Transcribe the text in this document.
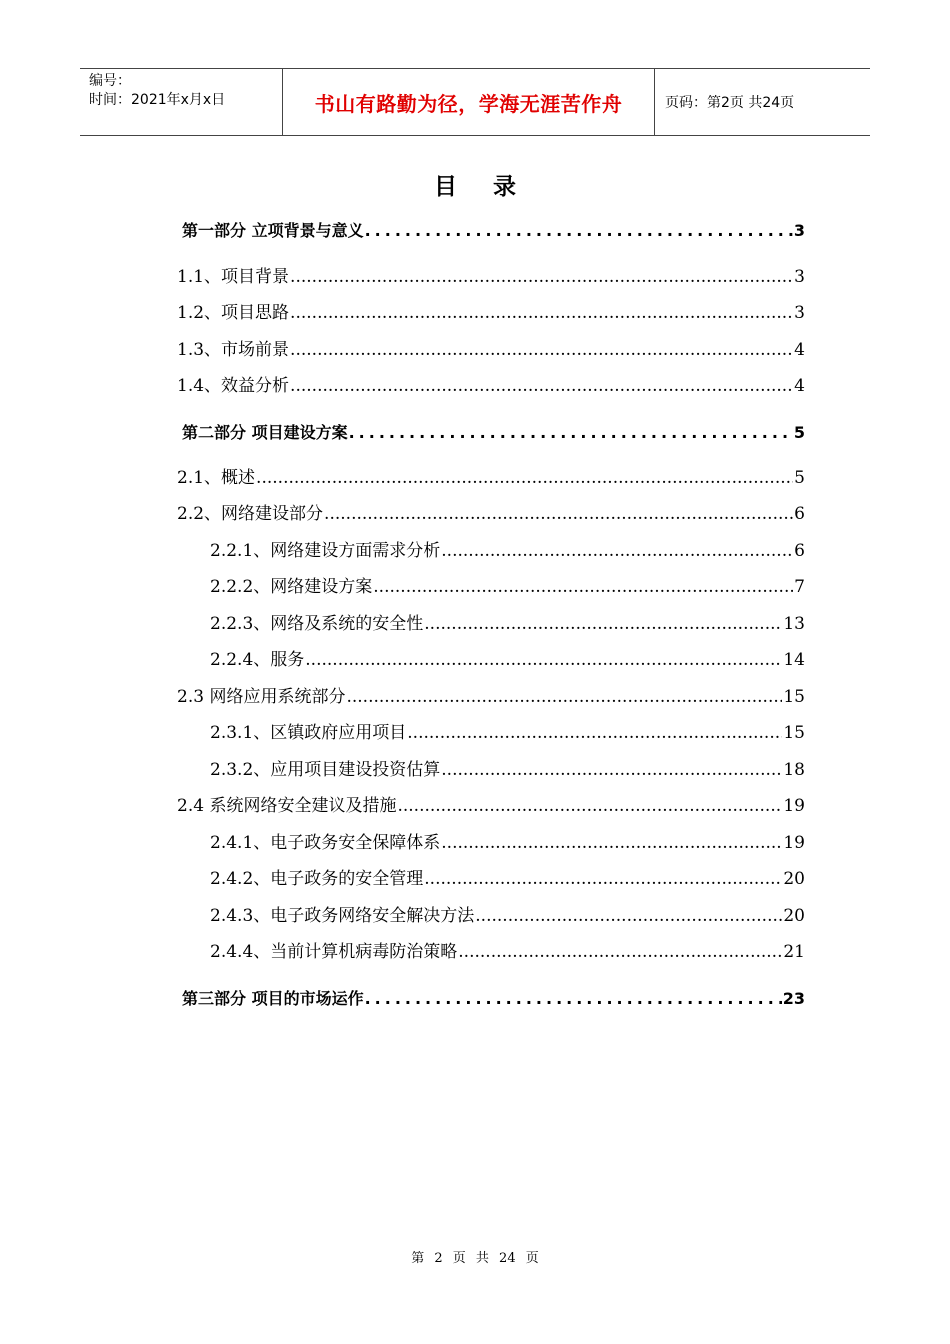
编号：
时间：2021年x月x日	书山有路勤为径，学海无涯苦作舟	页码：第2页 共24页
目 录
第一部分 立项背景与意义 .....	3
1.1、项目背景 .....	3
1.2、项目思路 .....	3
1.3、市场前景 .....	4
1.4、效益分析 .....	4
第二部分 项目建设方案 .....	5
2.1、概述 .....	5
2.2、网络建设部分 .....	6
2.2.1、网络建设方面需求分析 .....	6
2.2.2、网络建设方案 .....	7
2.2.3、网络及系统的安全性 .....	13
2.2.4、服务 .....	14
2.3 网络应用系统部分 .....	15
2.3.1、区镇政府应用项目 .....	15
2.3.2、应用项目建设投资估算 .....	18
2.4 系统网络安全建议及措施 .....	19
2.4.1、电子政务安全保障体系 .....	19
2.4.2、电子政务的安全管理 .....	20
2.4.3、电子政务网络安全解决方法 .....	20
2.4.4、当前计算机病毒防治策略 .....	21
第三部分 项目的市场运作 .....	23
第 2 页 共 24 页
